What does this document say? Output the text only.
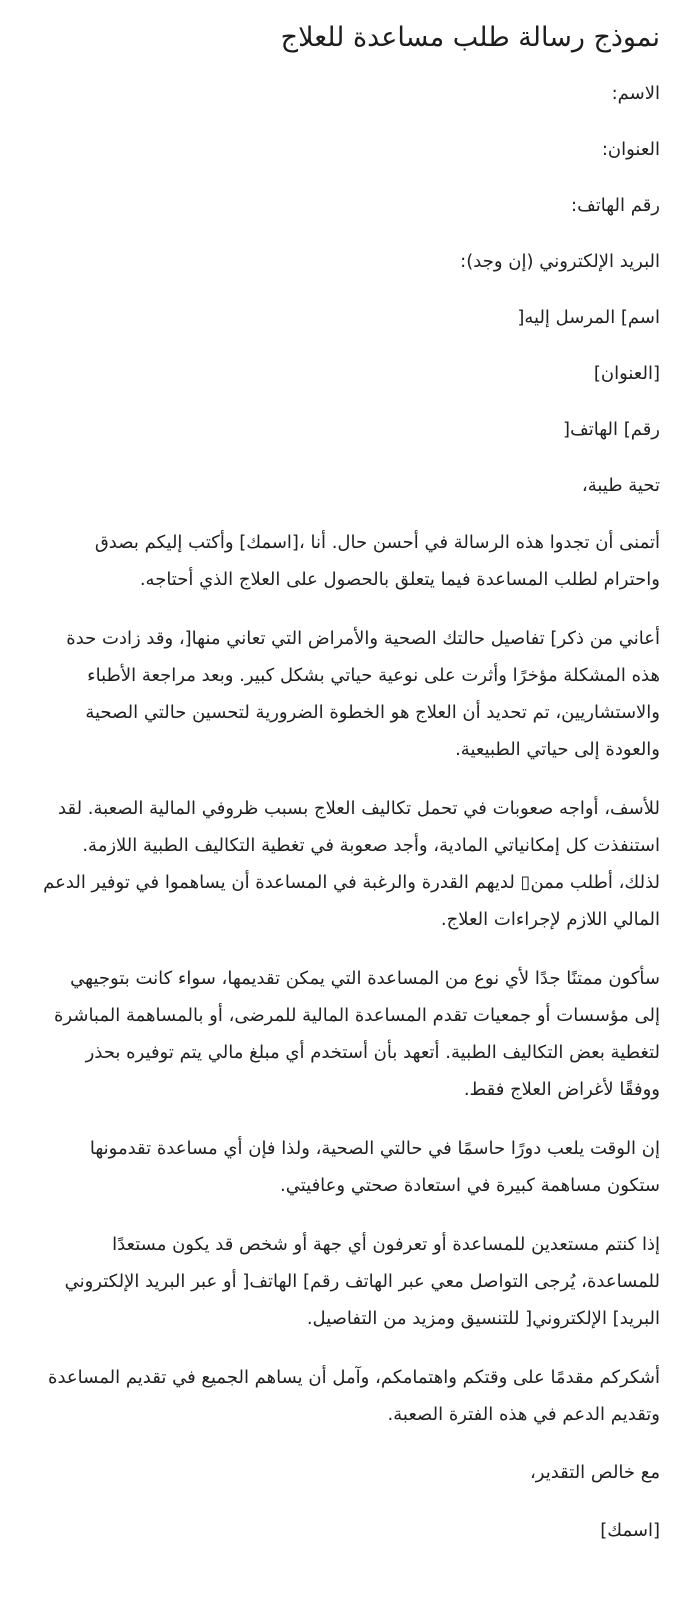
نموذج رسالة طلب مساعدة للعلاج

الاسم:

العنوان:

رقم الهاتف:

البريد الإلكتروني (إن وجد):

اسم] المرسل إليه[

[العنوان]

رقم] الهاتف[

تحية طيبة،

أتمنى أن تجدوا هذه الرسالة في أحسن حال. أنا ،[اسمك] وأكتب إليكم بصدق واحترام لطلب المساعدة فيما يتعلق بالحصول على العلاج الذي أحتاجه.

أعاني من ذكر] تفاصيل حالتك الصحية والأمراض التي تعاني منها[، وقد زادت حدة هذه المشكلة مؤخرًا وأثرت على نوعية حياتي بشكل كبير. وبعد مراجعة الأطباء والاستشاريين، تم تحديد أن العلاج هو الخطوة الضرورية لتحسين حالتي الصحية والعودة إلى حياتي الطبيعية.

للأسف، أواجه صعوبات في تحمل تكاليف العلاج بسبب ظروفي المالية الصعبة. لقد استنفذت كل إمكانياتي المادية، وأجد صعوبة في تغطية التكاليف الطبية اللازمة. لذلك، أطلب ممن▯ لديهم القدرة والرغبة في المساعدة أن يساهموا في توفير الدعم المالي اللازم لإجراءات العلاج.

سأكون ممتنًا جدًا لأي نوع من المساعدة التي يمكن تقديمها، سواء كانت بتوجيهي إلى مؤسسات أو جمعيات تقدم المساعدة المالية للمرضى، أو بالمساهمة المباشرة لتغطية بعض التكاليف الطبية. أتعهد بأن أستخدم أي مبلغ مالي يتم توفيره بحذر ووفقًا لأغراض العلاج فقط.

إن الوقت يلعب دورًا حاسمًا في حالتي الصحية، ولذا فإن أي مساعدة تقدمونها ستكون مساهمة كبيرة في استعادة صحتي وعافيتي.

إذا كنتم مستعدين للمساعدة أو تعرفون أي جهة أو شخص قد يكون مستعدًا للمساعدة، يُرجى التواصل معي عبر الهاتف رقم] الهاتف[ أو عبر البريد الإلكتروني البريد] الإلكتروني[ للتنسيق ومزيد من التفاصيل.

أشكركم مقدمًا على وقتكم واهتمامكم، وآمل أن يساهم الجميع في تقديم المساعدة وتقديم الدعم في هذه الفترة الصعبة.

مع خالص التقدير،

[اسمك]
